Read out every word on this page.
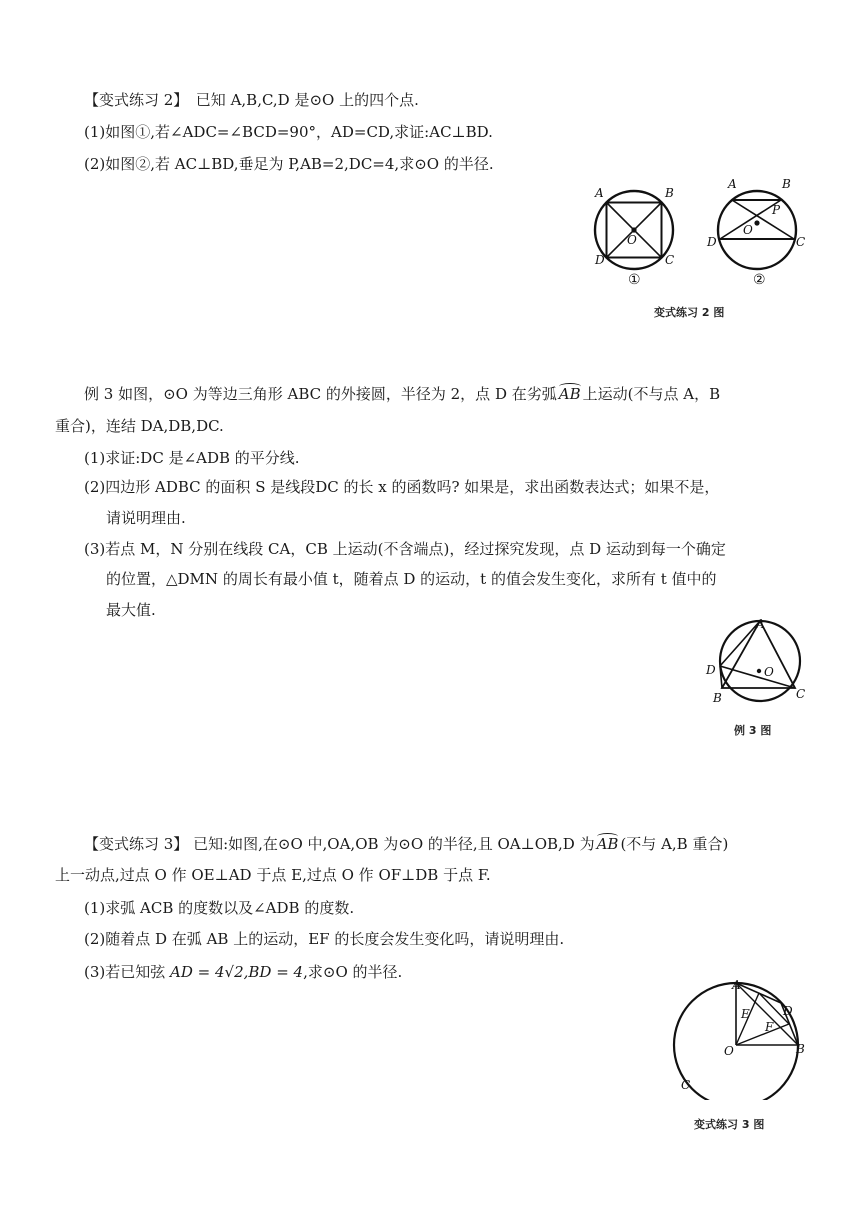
【变式练习 2】　已知 A,B,C,D 是⊙O 上的四个点.
(1)如图①,若∠ADC=∠BCD=90°，AD=CD,求证:AC⊥BD.
(2)如图②,若 AC⊥BD,垂足为 P,AB=2,DC=4,求⊙O 的半径.
A	B
D	C
O
①
A	B
P
O
D	C
②
变式练习 2 图
例 3 如图，⊙O 为等边三角形 ABC 的外接圆，半径为 2，点 D 在劣弧 AB 上运动(不与点 A，B
重合)，连结 DA,DB,DC.
(1)求证:DC 是∠ADB 的平分线.
(2)四边形 ADBC 的面积 S 是线段DC 的长 x 的函数吗? 如果是，求出函数表达式；如果不是，
请说明理由.
(3)若点 M，N 分别在线段 CA，CB 上运动(不含端点)，经过探究发现，点 D 运动到每一个确定
的位置，△DMN 的周长有最小值 t，随着点 D 的运动，t 的值会发生变化，求所有 t 值中的
最大值.
A
D	O
B	C
例 3 图
【变式练习 3】 已知:如图,在⊙O 中,OA,OB 为⊙O 的半径,且 OA⊥OB,D 为 AB (不与 A,B 重合)
上一动点,过点 O 作 OE⊥AD 于点 E,过点 O 作 OF⊥DB 于点 F.
(1)求弧 ACB 的度数以及∠ADB 的度数.
(2)随着点 D 在弧 AB 上的运动，EF 的长度会发生变化吗，请说明理由.
(3)若已知弦 AD = 4√2,BD = 4,求⊙O 的半径.
A
E	D
F
O	B
C
变式练习 3 图
